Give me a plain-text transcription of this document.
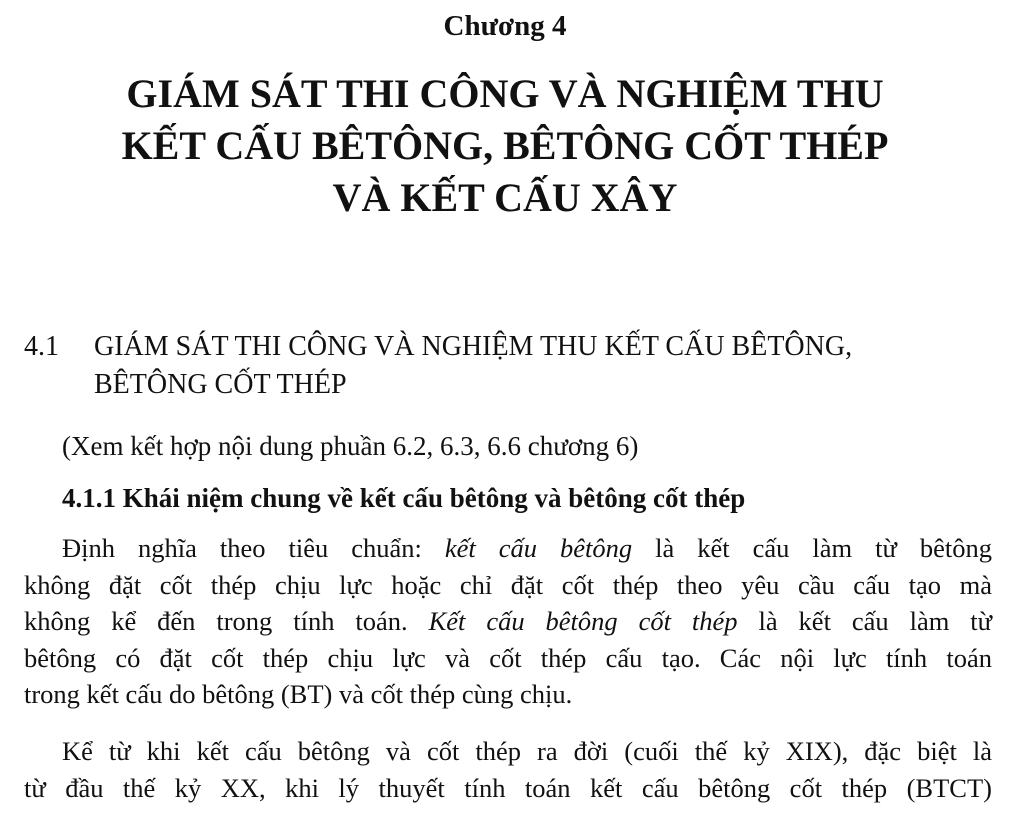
Chương 4
GIÁM SÁT THI CÔNG VÀ NGHIỆM THU
KẾT CẤU BÊTÔNG, BÊTÔNG CỐT THÉP
VÀ KẾT CẤU XÂY
4.1 GIÁM SÁT THI CÔNG VÀ NGHIỆM THU KẾT CẤU BÊTÔNG,
BÊTÔNG CỐT THÉP
(Xem kết hợp nội dung phuần 6.2, 6.3, 6.6 chương 6)
4.1.1 Khái niệm chung về kết cấu bêtông và bêtông cốt thép
Định nghĩa theo tiêu chuẩn: kết cấu bêtông là kết cấu làm từ bêtông
không đặt cốt thép chịu lực hoặc chỉ đặt cốt thép theo yêu cầu cấu tạo mà
không kể đến trong tính toán. Kết cấu bêtông cốt thép là kết cấu làm từ
bêtông có đặt cốt thép chịu lực và cốt thép cấu tạo. Các nội lực tính toán
trong kết cấu do bêtông (BT) và cốt thép cùng chịu.
Kể từ khi kết cấu bêtông và cốt thép ra đời (cuối thế kỷ XIX), đặc biệt là
từ đầu thế kỷ XX, khi lý thuyết tính toán kết cấu bêtông cốt thép (BTCT)
